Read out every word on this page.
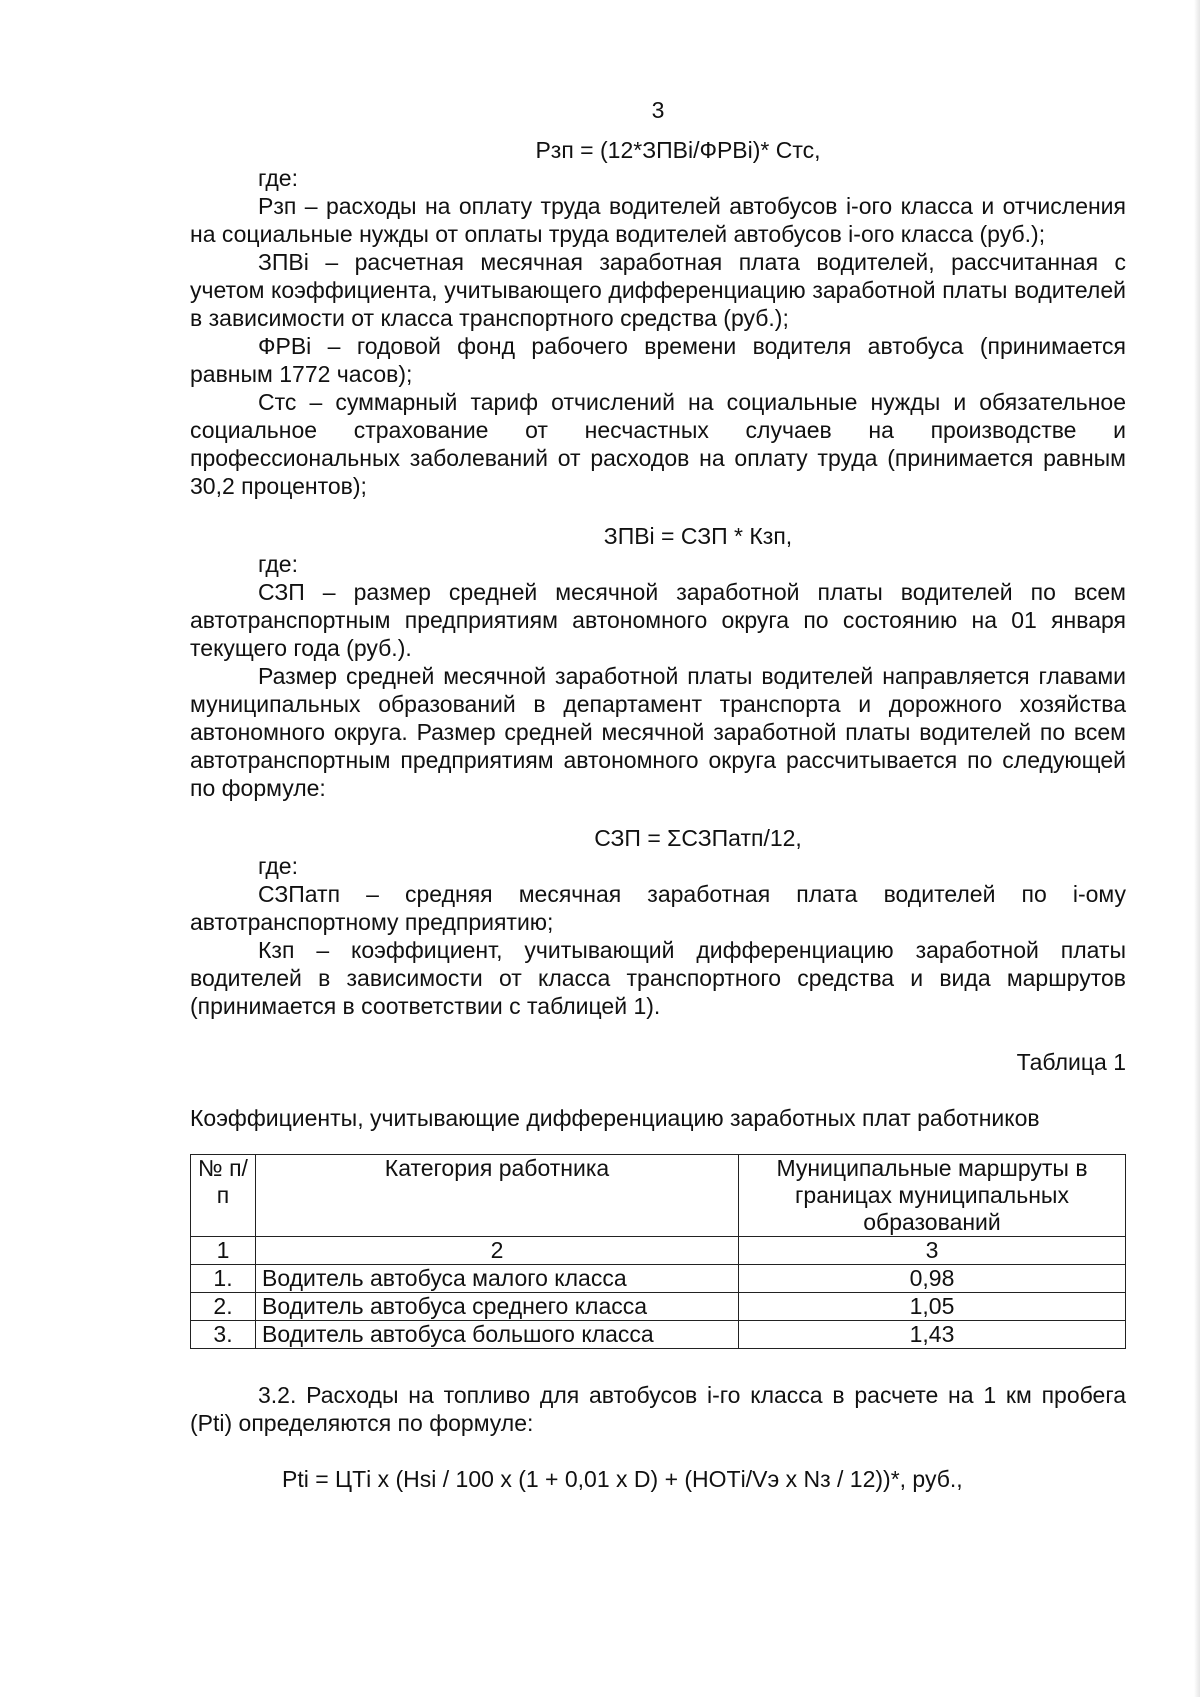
3
Рзп = (12*ЗПВi/ФРВi)* Стс,

где:

Рзп – расходы на оплату труда водителей автобусов i-ого класса и отчисления на социальные нужды от оплаты труда водителей автобусов i-ого класса (руб.);

ЗПВi – расчетная месячная заработная плата водителей, рассчитанная с учетом коэффициента, учитывающего дифференциацию заработной платы водителей в зависимости от класса транспортного средства (руб.);

ФРВi – годовой фонд рабочего времени водителя автобуса (принимается равным 1772 часов);

Стс – суммарный тариф отчислений на социальные нужды и обязательное социальное страхование от несчастных случаев на производстве и профессиональных заболеваний от расходов на оплату труда (принимается равным 30,2 процентов);

ЗПВi = СЗП * Кзп,

где:

СЗП – размер средней месячной заработной платы водителей по всем автотранспортным предприятиям автономного округа по состоянию на 01 января текущего года (руб.).

Размер средней месячной заработной платы водителей направляется главами муниципальных образований в департамент транспорта и дорожного хозяйства автономного округа. Размер средней месячной заработной платы водителей по всем автотранспортным предприятиям автономного округа рассчитывается по следующей по формуле:

СЗП = ΣСЗПатп/12,

где:

СЗПатп – средняя месячная заработная плата водителей по i-ому автотранспортному предприятию;

Кзп – коэффициент, учитывающий дифференциацию заработной платы водителей в зависимости от класса транспортного средства и вида маршрутов (принимается в соответствии с таблицей 1).

Таблица 1
Коэффициенты, учитывающие дифференциацию заработных плат работников
№ п/п	Категория работника	Муниципальные маршруты в границах муниципальных образований
1	2	3
1.	Водитель автобуса малого класса	0,98
2.	Водитель автобуса среднего класса	1,05
3.	Водитель автобуса большого класса	1,43

3.2. Расходы на топливо для автобусов i-го класса в расчете на 1 км пробега (Рti) определяются по формуле:

Рti = ЦТi х (Hsi / 100 х (1 + 0,01 х D) + (НОТi/Vэ х Nз / 12))*, руб.,
